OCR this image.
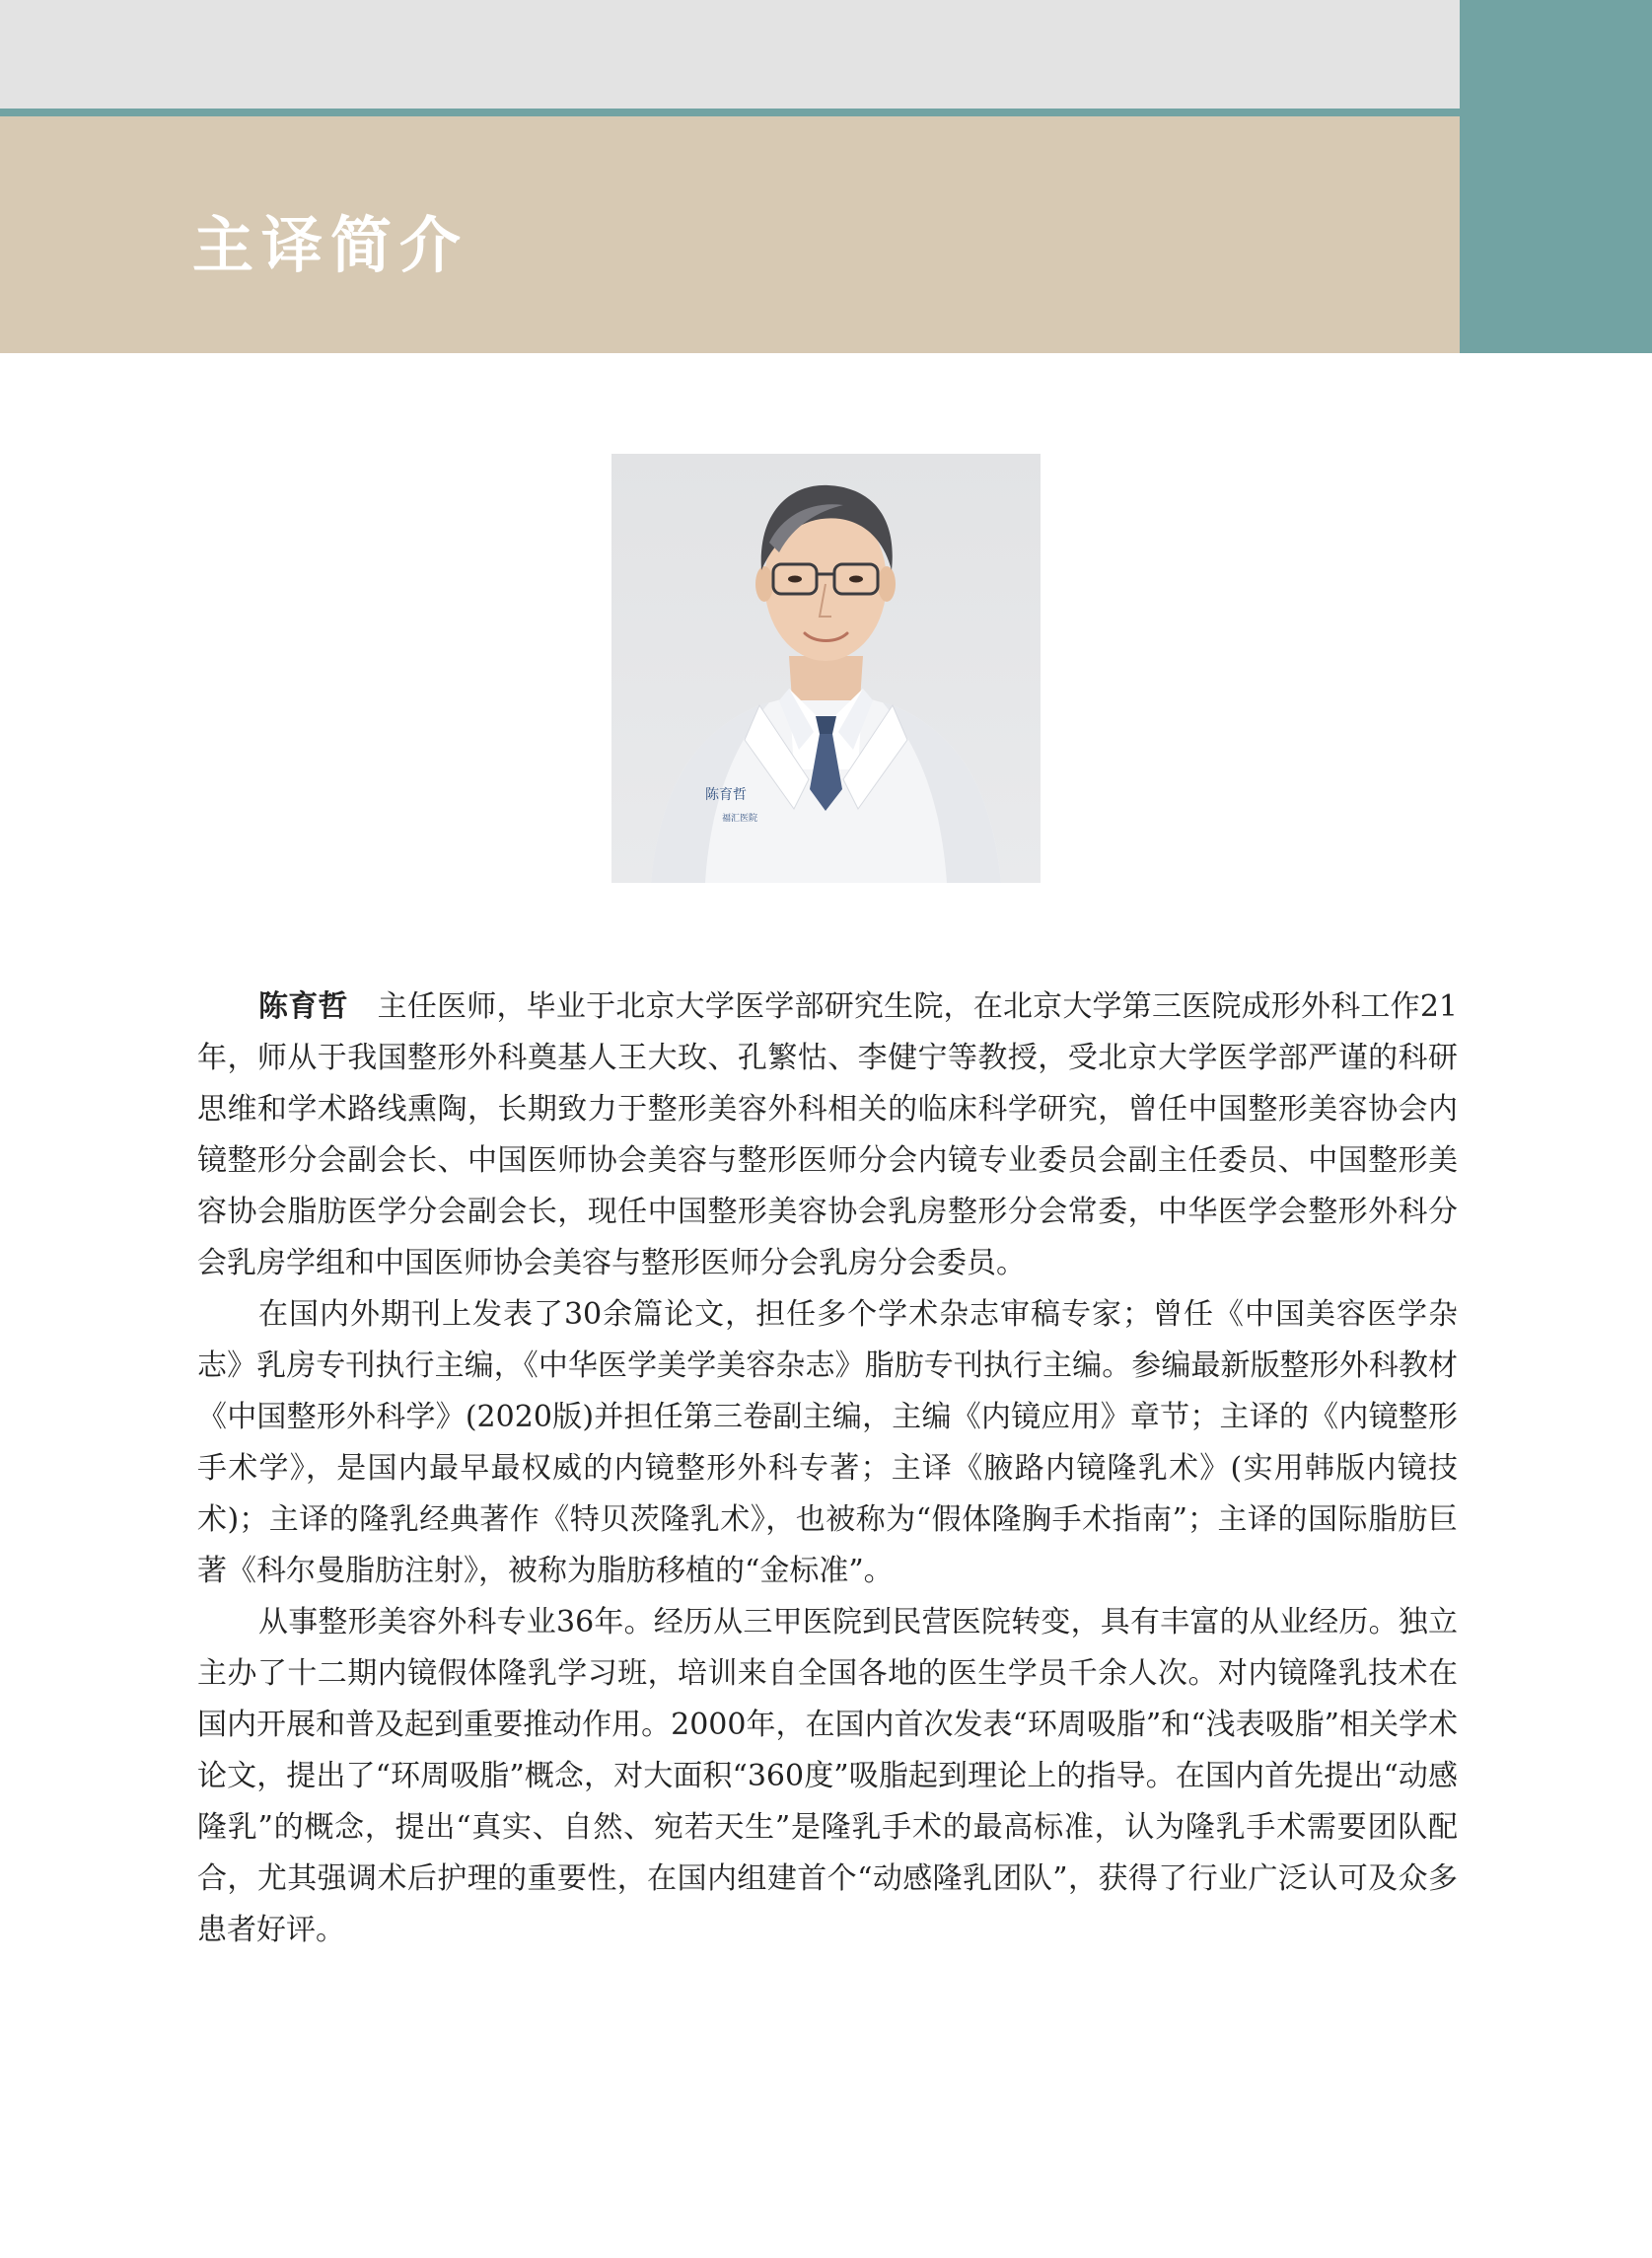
主译简介
陈育哲
福汇医院

陈育哲 主任医师，毕业于北京大学医学部研究生院，在北京大学第三医院成形外科工作21年，师从于我国整形外科奠基人王大玫、孔繁怙、李健宁等教授，受北京大学医学部严谨的科研思维和学术路线熏陶，长期致力于整形美容外科相关的临床科学研究，曾任中国整形美容协会内镜整形分会副会长、中国医师协会美容与整形医师分会内镜专业委员会副主任委员、中国整形美容协会脂肪医学分会副会长，现任中国整形美容协会乳房整形分会常委，中华医学会整形外科分会乳房学组和中国医师协会美容与整形医师分会乳房分会委员。

在国内外期刊上发表了30余篇论文，担任多个学术杂志审稿专家；曾任《中国美容医学杂志》乳房专刊执行主编，《中华医学美学美容杂志》脂肪专刊执行主编。参编最新版整形外科教材《中国整形外科学》(2020版)并担任第三卷副主编，主编《内镜应用》章节；主译的《内镜整形手术学》，是国内最早最权威的内镜整形外科专著；主译《腋路内镜隆乳术》(实用韩版内镜技术)；主译的隆乳经典著作《特贝茨隆乳术》，也被称为“假体隆胸手术指南”；主译的国际脂肪巨著《科尔曼脂肪注射》，被称为脂肪移植的“金标准”。

从事整形美容外科专业36年。经历从三甲医院到民营医院转变，具有丰富的从业经历。独立主办了十二期内镜假体隆乳学习班，培训来自全国各地的医生学员千余人次。对内镜隆乳技术在国内开展和普及起到重要推动作用。2000年，在国内首次发表“环周吸脂”和“浅表吸脂”相关学术论文，提出了“环周吸脂”概念，对大面积“360度”吸脂起到理论上的指导。在国内首先提出“动感隆乳”的概念，提出“真实、自然、宛若天生”是隆乳手术的最高标准，认为隆乳手术需要团队配合，尤其强调术后护理的重要性，在国内组建首个“动感隆乳团队”，获得了行业广泛认可及众多患者好评。
